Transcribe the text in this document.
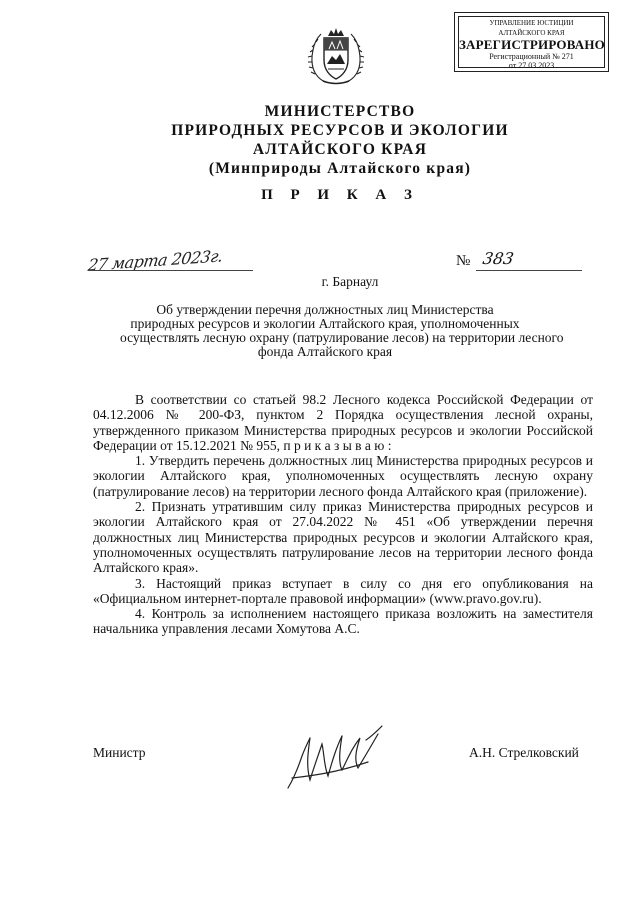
УПРАВЛЕНИЕ ЮСТИЦИИ
АЛТАЙСКОГО КРАЯ
ЗАРЕГИСТРИРОВАНО
Регистрационный № 271
от 27.03.2023
МИНИСТЕРСТВО
ПРИРОДНЫХ РЕСУРСОВ И ЭКОЛОГИИ
АЛТАЙСКОГО КРАЯ
(Минприроды Алтайского края)
П Р И К А З
27 марта 2023г.	№ 383
г. Барнаул
Об утверждении перечня должностных лиц Министерства
природных ресурсов и экологии Алтайского края, уполномоченных
осуществлять лесную охрану (патрулирование лесов) на территории лесного
фонда Алтайского края

В соответствии со статьей 98.2 Лесного кодекса Российской Федерации от 04.12.2006 № 200-ФЗ, пунктом 2 Порядка осуществления лесной охраны, утвержденного приказом Министерства природных ресурсов и экологии Российской Федерации от 15.12.2021 № 955, п р и к а з ы в а ю :

1. Утвердить перечень должностных лиц Министерства природных ресурсов и экологии Алтайского края, уполномоченных осуществлять лесную охрану (патрулирование лесов) на территории лесного фонда Алтайского края (приложение).

2. Признать утратившим силу приказ Министерства природных ресурсов и экологии Алтайского края от 27.04.2022 № 451 «Об утверждении перечня должностных лиц Министерства природных ресурсов и экологии Алтайского края, уполномоченных осуществлять патрулирование лесов на территории лесного фонда Алтайского края».

3. Настоящий приказ вступает в силу со дня его опубликования на «Официальном интернет-портале правовой информации» (www.pravo.gov.ru).

4. Контроль за исполнением настоящего приказа возложить на заместителя начальника управления лесами Хомутова А.С.

Министр	А.Н. Стрелковский
